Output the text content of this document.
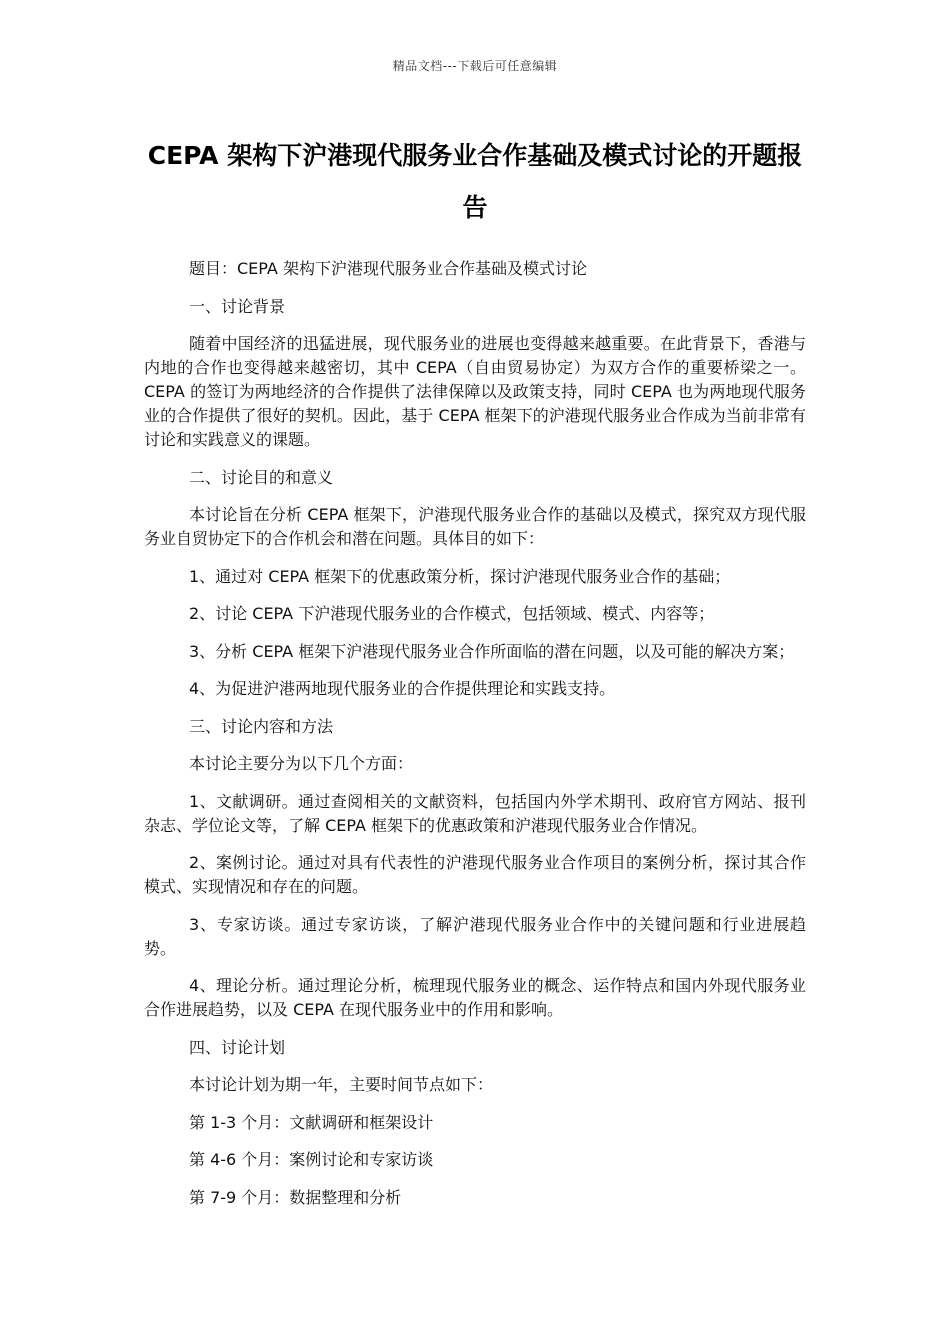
精品文档---下载后可任意编辑
CEPA 架构下沪港现代服务业合作基础及模式讨论的开题报告

题目：CEPA 架构下沪港现代服务业合作基础及模式讨论

一、讨论背景

随着中国经济的迅猛进展，现代服务业的进展也变得越来越重要。在此背景下，香港与内地的合作也变得越来越密切，其中 CEPA（自由贸易协定）为双方合作的重要桥梁之一。CEPA 的签订为两地经济的合作提供了法律保障以及政策支持，同时 CEPA 也为两地现代服务业的合作提供了很好的契机。因此，基于 CEPA 框架下的沪港现代服务业合作成为当前非常有讨论和实践意义的课题。

二、讨论目的和意义

本讨论旨在分析 CEPA 框架下，沪港现代服务业合作的基础以及模式，探究双方现代服务业自贸协定下的合作机会和潜在问题。具体目的如下：

1、通过对 CEPA 框架下的优惠政策分析，探讨沪港现代服务业合作的基础；

2、讨论 CEPA 下沪港现代服务业的合作模式，包括领域、模式、内容等；

3、分析 CEPA 框架下沪港现代服务业合作所面临的潜在问题，以及可能的解决方案；

4、为促进沪港两地现代服务业的合作提供理论和实践支持。

三、讨论内容和方法

本讨论主要分为以下几个方面：

1、文献调研。通过查阅相关的文献资料，包括国内外学术期刊、政府官方网站、报刊杂志、学位论文等，了解 CEPA 框架下的优惠政策和沪港现代服务业合作情况。

2、案例讨论。通过对具有代表性的沪港现代服务业合作项目的案例分析，探讨其合作模式、实现情况和存在的问题。

3、专家访谈。通过专家访谈，了解沪港现代服务业合作中的关键问题和行业进展趋势。

4、理论分析。通过理论分析，梳理现代服务业的概念、运作特点和国内外现代服务业合作进展趋势，以及 CEPA 在现代服务业中的作用和影响。

四、讨论计划

本讨论计划为期一年，主要时间节点如下：

第 1-3 个月：文献调研和框架设计

第 4-6 个月：案例讨论和专家访谈

第 7-9 个月：数据整理和分析
